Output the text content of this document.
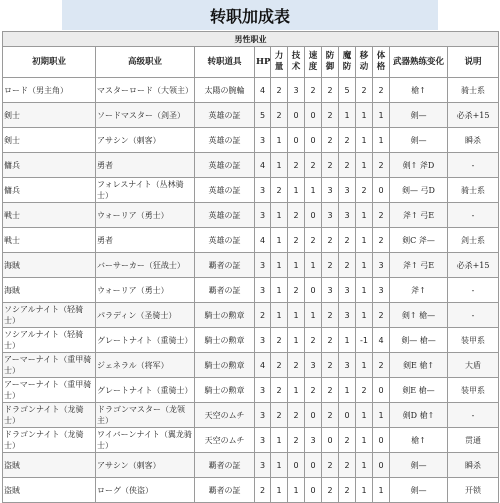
转职加成表
男性职业												
初期职业	高级职业	转职道具	HP	力量	技术	速度	防御	魔防	移动	体格	武器熟练变化	说明
ロード（男主角）	マスターロード（大领主）	太陽の腕輪	4	2	3	2	2	5	2	2	槍↑	骑士系
剣士	ソードマスター（剑圣）	英雄の証	5	2	0	0	2	1	1	1	剣—	必杀+15
剣士	アサシン（刺客）	英雄の証	3	1	0	0	2	2	1	1	剣—	瞬杀
傭兵	勇者	英雄の証	4	1	2	2	2	2	1	2	剣↑ 斧D	-
傭兵	フォレスナイト（丛林骑士）	英雄の証	3	2	1	1	3	3	2	0	剣— 弓D	骑士系
戦士	ウォーリア（勇士）	英雄の証	3	1	2	0	3	3	1	2	斧↑ 弓E	-
戦士	勇者	英雄の証	4	1	2	2	2	2	1	2	剣C 斧—	剑士系
海賊	バーサーカー（狂战士）	覇者の証	3	1	1	1	2	2	1	3	斧↑ 弓E	必杀+15
海賊	ウォーリア（勇士）	覇者の証	3	1	2	0	3	3	1	3	斧↑	-
ソシアルナイト（轻骑士）	パラディン（圣骑士）	騎士の勲章	2	1	1	1	2	3	1	2	剣↑ 槍—	-
ソシアルナイト（轻骑士）	グレートナイト（重骑士）	騎士の勲章	3	2	1	2	2	1	-1	4	剣— 槍—	装甲系
アーマーナイト（重甲骑士）	ジェネラル（将军）	騎士の勲章	4	2	2	3	2	3	1	2	剣E 槍↑	大盾
アーマーナイト（重甲骑士）	グレートナイト（重骑士）	騎士の勲章	3	2	1	2	2	1	2	0	剣E 槍—	装甲系
ドラゴンナイト（龙骑士）	ドラゴンマスター（龙领主）	天空のムチ	3	2	2	0	2	0	1	1	剣D 槍↑	-
ドラゴンナイト（龙骑士）	ワイバーンナイト（翼龙骑士）	天空のムチ	3	1	2	3	0	2	1	0	槍↑	贯通
盗賊	アサシン（刺客）	覇者の証	3	1	0	0	2	2	1	0	剣—	瞬杀
盗賊	ローグ（侠盗）	覇者の証	2	1	1	0	2	2	1	1	剣—	开锁
